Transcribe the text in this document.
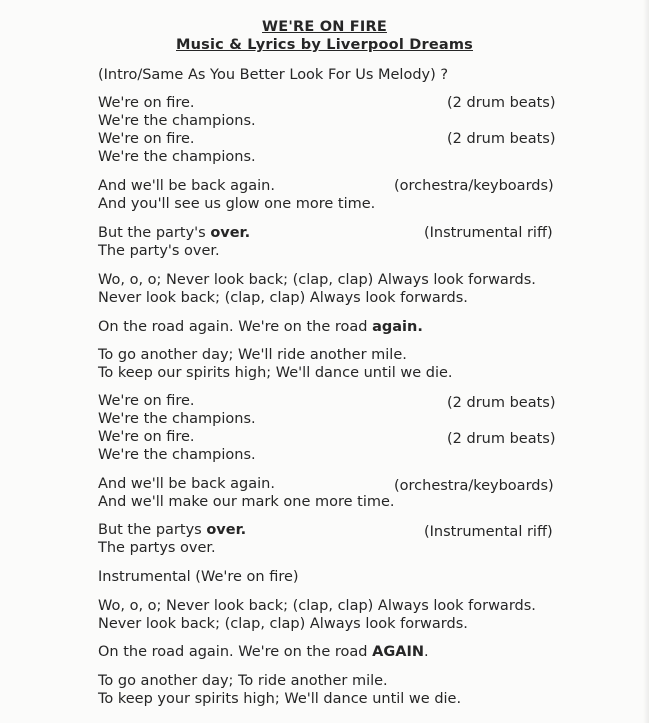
WE'RE ON FIRE
Music & Lyrics by Liverpool Dreams
(Intro/Same As You Better Look For Us Melody) ?
We're on fire.	(2 drum beats)
We're the champions.
We're on fire.	(2 drum beats)
We're the champions.
And we'll be back again.	(orchestra/keyboards)
And you'll see us glow one more time.
But the party's over.	(Instrumental riff)
The party's over.
Wo, o, o; Never look back; (clap, clap) Always look forwards.
Never look back; (clap, clap) Always look forwards.
On the road again. We're on the road again.
To go another day; We'll ride another mile.
To keep our spirits high; We'll dance until we die.
We're on fire.	(2 drum beats)
We're the champions.
We're on fire.	(2 drum beats)
We're the champions.
And we'll be back again.	(orchestra/keyboards)
And we'll make our mark one more time.
But the partys over.	(Instrumental riff)
The partys over.
Instrumental (We're on fire)
Wo, o, o; Never look back; (clap, clap) Always look forwards.
Never look back; (clap, clap) Always look forwards.
On the road again. We're on the road AGAIN.
To go another day; To ride another mile.
To keep your spirits high; We'll dance until we die.
